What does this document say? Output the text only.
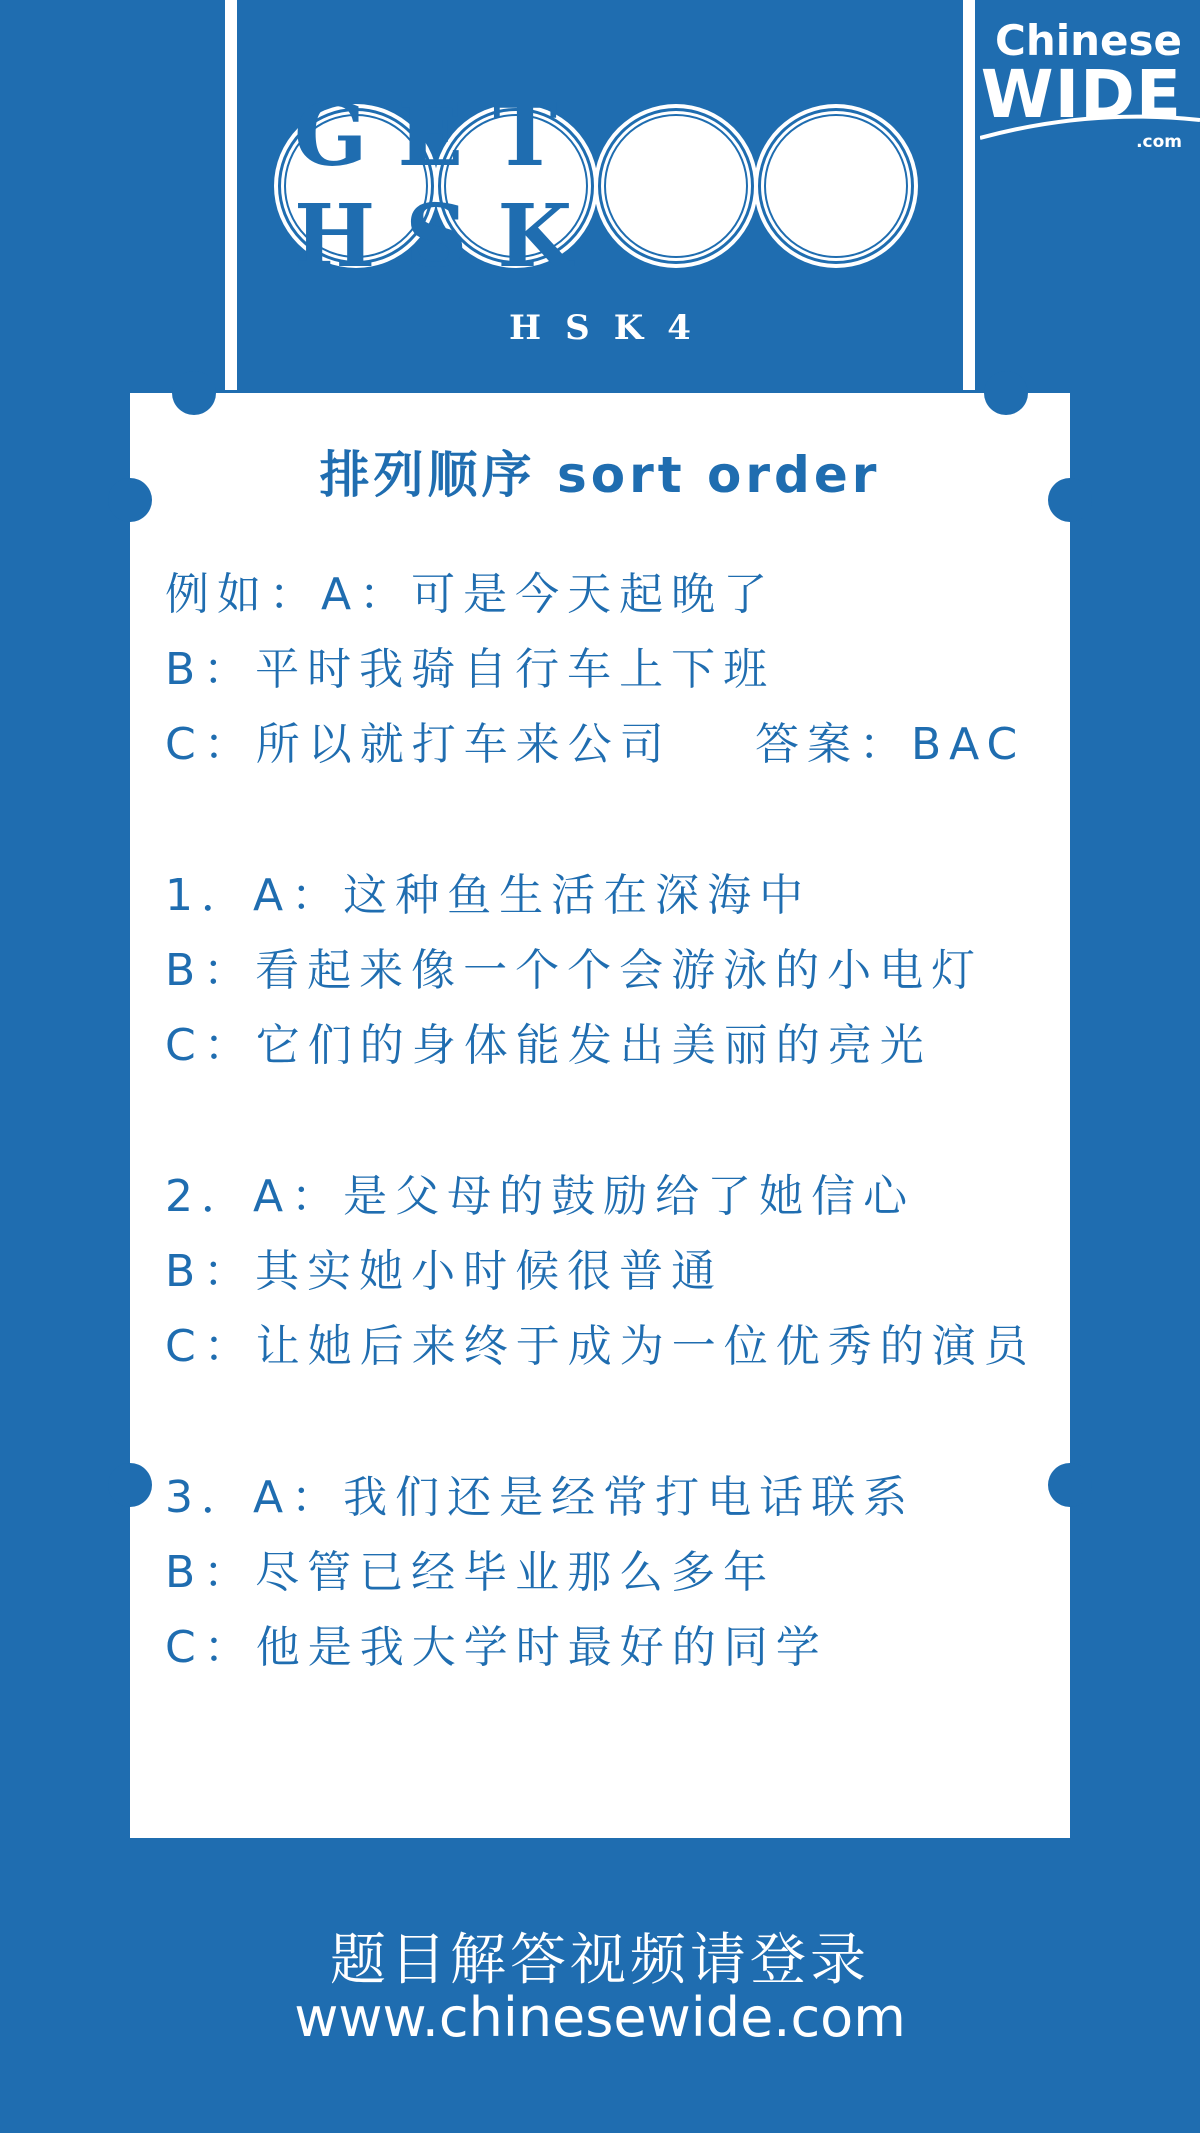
Chinese
WIDE
.com
GET HSK
HSK4
排列顺序 sort order
例如：A：可是今天起晚了
B：平时我骑自行车上下班
C：所以就打车来公司 答案：BAC
1．A：这种鱼生活在深海中
B：看起来像一个个会游泳的小电灯
C：它们的身体能发出美丽的亮光
2．A：是父母的鼓励给了她信心
B：其实她小时候很普通
C：让她后来终于成为一位优秀的演员
3．A：我们还是经常打电话联系
B：尽管已经毕业那么多年
C：他是我大学时最好的同学
题目解答视频请登录
www.chinesewide.com
